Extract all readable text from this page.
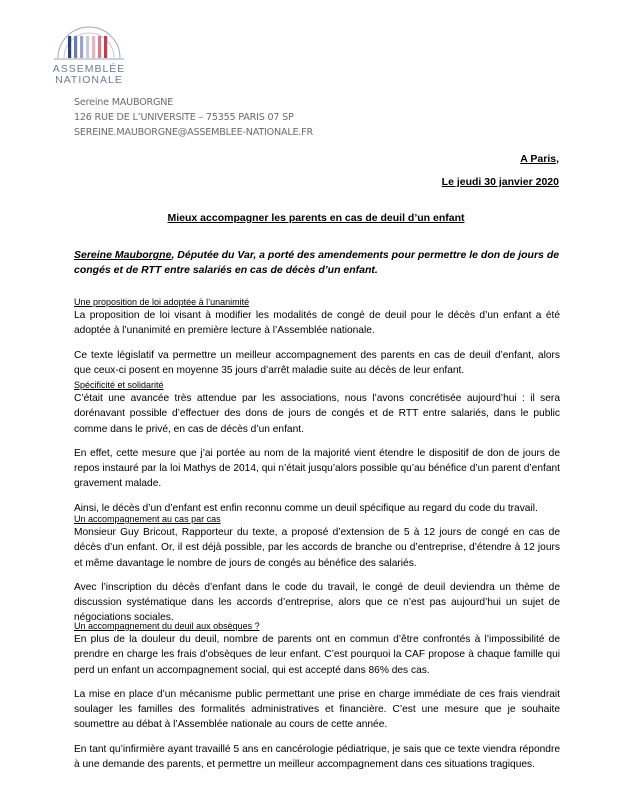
ASSEMBLÉE
NATIONALE
Sereine MAUBORGNE
126 RUE DE L’UNIVERSITE – 75355 PARIS 07 SP
SEREINE.MAUBORGNE@ASSEMBLEE-NATIONALE.FR
A Paris,
Le jeudi 30 janvier 2020
Mieux accompagner les parents en cas de deuil d’un enfant
Sereine Mauborgne, Députée du Var, a porté des amendements pour permettre le don de jours de congés et de RTT entre salariés en cas de décès d’un enfant.

Une proposition de loi adoptée à l’unanimité

La proposition de loi visant à modifier les modalités de congé de deuil pour le décès d’un enfant a été adoptée à l’unanimité en première lecture à l’Assemblée nationale.

Ce texte législatif va permettre un meilleur accompagnement des parents en cas de deuil d’enfant, alors que ceux-ci posent en moyenne 35 jours d’arrêt maladie suite au décès de leur enfant.

Spécificité et solidarité

C’était une avancée très attendue par les associations, nous l’avons concrétisée aujourd’hui : il sera dorénavant possible d’effectuer des dons de jours de congés et de RTT entre salariés, dans le public comme dans le privé, en cas de décès d’un enfant.

En effet, cette mesure que j’ai portée au nom de la majorité vient étendre le dispositif de don de jours de repos instauré par la loi Mathys de 2014, qui n’était jusqu’alors possible qu’au bénéfice d’un parent d’enfant gravement malade.

Ainsi, le décès d’un d’enfant est enfin reconnu comme un deuil spécifique au regard du code du travail.

Un accompagnement au cas par cas

Monsieur Guy Bricout, Rapporteur du texte, a proposé d’extension de 5 à 12 jours de congé en cas de décès d’un enfant. Or, il est déjà possible, par les accords de branche ou d’entreprise, d’étendre à 12 jours et même davantage le nombre de jours de congés au bénéfice des salariés.

Avec l’inscription du décès d’enfant dans le code du travail, le congé de deuil deviendra un thème de discussion systématique dans les accords d’entreprise, alors que ce n’est pas aujourd’hui un sujet de négociations sociales.

Un accompagnement du deuil aux obsèques ?

En plus de la douleur du deuil, nombre de parents ont en commun d’être confrontés à l’impossibilité de prendre en charge les frais d’obsèques de leur enfant. C’est pourquoi la CAF propose à chaque famille qui perd un enfant un accompagnement social, qui est accepté dans 86% des cas.

La mise en place d’un mécanisme public permettant une prise en charge immédiate de ces frais viendrait soulager les familles des formalités administratives et financière. C’est une mesure que je souhaite soumettre au débat à l’Assemblée nationale au cours de cette année.

En tant qu’infirmière ayant travaillé 5 ans en cancérologie pédiatrique, je sais que ce texte viendra répondre à une demande des parents, et permettre un meilleur accompagnement dans ces situations tragiques.
